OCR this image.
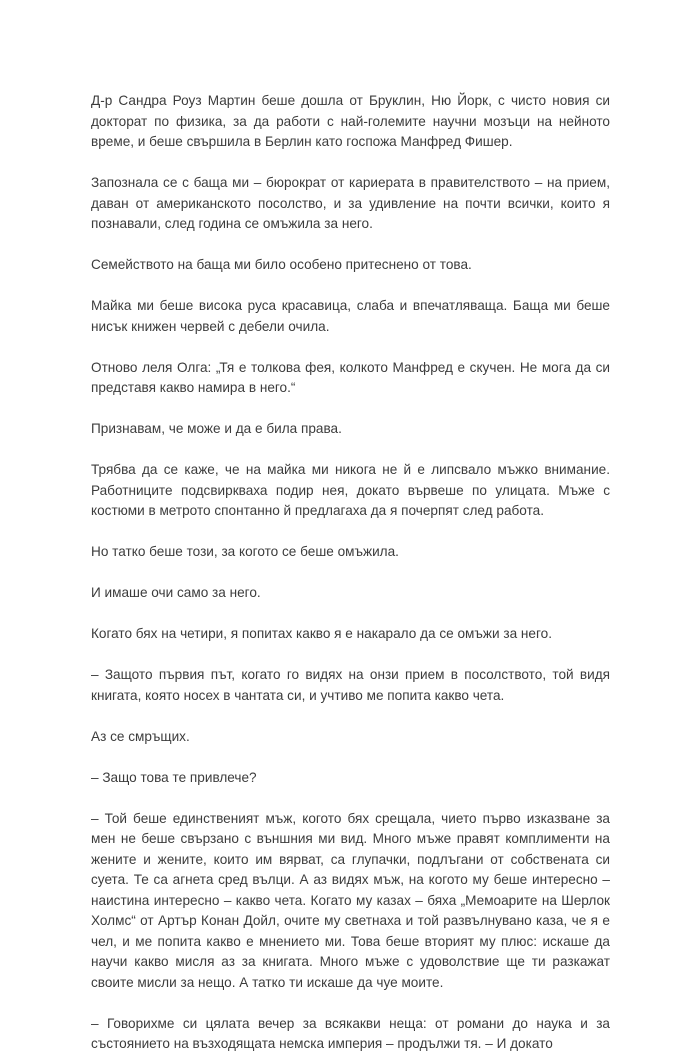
Д-р Сандра Роуз Мартин беше дошла от Бруклин, Ню Йорк, с чисто новия си докторат по физика, за да работи с най-големите научни мозъци на нейното време, и беше свършила в Берлин като госпожа Манфред Фишер.

Запознала се с баща ми – бюрократ от кариерата в правителството – на прием, даван от американското посолство, и за удивление на почти всички, които я познавали, след година се омъжила за него.

Семейството на баща ми било особено притеснено от това.

Майка ми беше висока руса красавица, слаба и впечатляваща. Баща ми беше нисък книжен червей с дебели очила.

Отново леля Олга: „Тя е толкова фея, колкото Манфред е скучен. Не мога да си представя какво намира в него.“

Признавам, че може и да е била права.

Трябва да се каже, че на майка ми никога не й е липсвало мъжко внимание. Работниците подсвиркваха подир нея, докато вървеше по улицата. Мъже с костюми в метрото спонтанно й предлагаха да я почерпят след работа.

Но татко беше този, за когото се беше омъжила.

И имаше очи само за него.

Когато бях на четири, я попитах какво я е накарало да се омъжи за него.

– Защото първия път, когато го видях на онзи прием в посолството, той видя книгата, която носех в чантата си, и учтиво ме попита какво чета.

Аз се смръщих.

– Защо това те привлече?

– Той беше единственият мъж, когото бях срещала, чието първо изказване за мен не беше свързано с външния ми вид. Много мъже правят комплименти на жените и жените, които им вярват, са глупачки, подлъгани от собствената си суета. Те са агнета сред вълци. А аз видях мъж, на когото му беше интересно – наистина интересно – какво чета. Когато му казах – бяха „Мемоарите на Шерлок Холмс“ от Артър Конан Дойл, очите му светнаха и той развълнувано каза, че я е чел, и ме попита какво е мнението ми. Това беше вторият му плюс: искаше да научи какво мисля аз за книгата. Много мъже с удоволствие ще ти разкажат своите мисли за нещо. А татко ти искаше да чуе моите.

– Говорихме си цялата вечер за всякакви неща: от романи до наука и за състоянието на възходящата немска империя – продължи тя. – И докато
